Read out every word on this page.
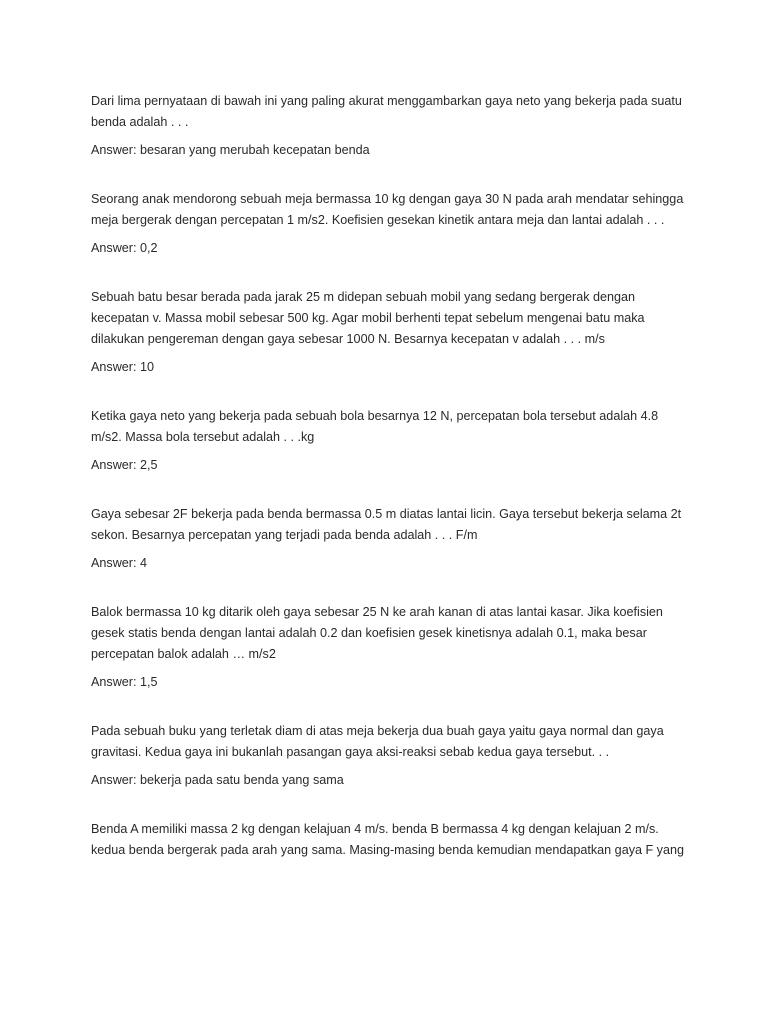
Dari lima pernyataan di bawah ini yang paling akurat menggambarkan gaya neto yang bekerja pada suatu benda adalah . . .

Answer: besaran yang merubah kecepatan benda

Seorang anak mendorong sebuah meja bermassa 10 kg dengan gaya 30 N pada arah mendatar sehingga meja bergerak dengan percepatan 1 m/s2. Koefisien gesekan kinetik antara meja dan lantai adalah . . .

Answer: 0,2

Sebuah batu besar berada pada jarak 25 m didepan sebuah mobil yang sedang bergerak dengan kecepatan v. Massa mobil sebesar 500 kg. Agar mobil berhenti tepat sebelum mengenai batu maka dilakukan pengereman dengan gaya sebesar 1000 N. Besarnya kecepatan v adalah . . . m/s

Answer: 10

Ketika gaya neto yang bekerja pada sebuah bola besarnya 12 N, percepatan bola tersebut adalah 4.8 m/s2. Massa bola tersebut adalah . . .kg

Answer: 2,5

Gaya sebesar 2F bekerja pada benda bermassa 0.5 m diatas lantai licin. Gaya tersebut bekerja selama 2t sekon. Besarnya percepatan yang terjadi pada benda adalah . . . F/m

Answer: 4

Balok bermassa 10 kg ditarik oleh gaya sebesar 25 N ke arah kanan di atas lantai kasar. Jika koefisien gesek statis benda dengan lantai adalah 0.2 dan koefisien gesek kinetisnya adalah 0.1, maka besar percepatan balok adalah … m/s2

Answer: 1,5

Pada sebuah buku yang terletak diam di atas meja bekerja dua buah gaya yaitu gaya normal dan gaya gravitasi. Kedua gaya ini bukanlah pasangan gaya aksi-reaksi sebab kedua gaya tersebut. . .

Answer: bekerja pada satu benda yang sama

Benda A memiliki massa 2 kg dengan kelajuan 4 m/s. benda B bermassa 4 kg dengan kelajuan 2 m/s. kedua benda bergerak pada arah yang sama. Masing-masing benda kemudian mendapatkan gaya F yang
